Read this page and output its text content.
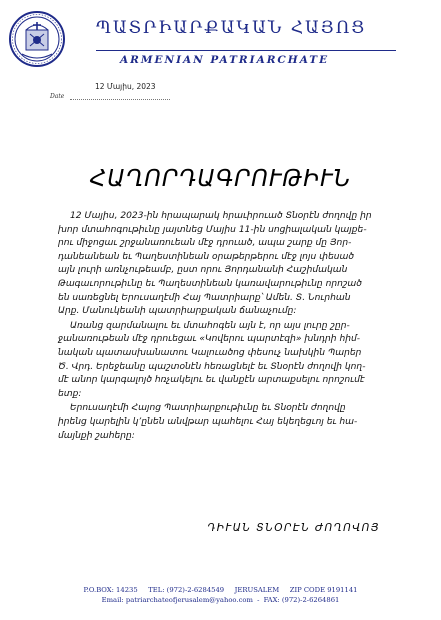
ՊԱՏՐԻԱՐՔԱԿԱՆ ՀԱՅՈՑ
ARMENIAN PATRIARCHATE
12 Մայիս, 2023
Date
ՀԱՂՈՐԴԱԳՐՈՒԹԻՒՆ

12 Մայիս, 2023-ին հրապարակ հրաւիրուած Տնօրէն ժողովը իր
խոր մտահոգութիւնը յայտնեց Մայիս 11-ին սոցիալական կայքե-
րու միջոցաւ շրջանառուեան մէջ դրուած, ապա շարք մը Յոր-
դանեանեան եւ Պաղեստինեան օրաթերթերու մէջ լոյս փեսած
այն լուրի առնչութեամբ, ըստ որու Յորդանանի Հաշիմական
Թագաւորութիւնը եւ Պաղեստինեան կառավարութիւնը որոշած
են սառեցնել Երուսաղէմի Հայ Պատրիարք՝ Ամեն. Տ. Նուրհան
Արք. Մանուկեանի պատրիարքական ճանաչումը:

Առանց զարմանալու եւ մտահոգեն այն է, որ այս լուրը շըր-
ջանառութեան մէջ դրուեցաւ «Կովերու պարտէզի» խնդրի հիմ-
նական պատասխանատու Կալուածոց փեսուչ նախկին Պարեր
Ծ. Վրդ. Երեջեանը պաշտօնէն հեռացնելէ եւ Տնօրէն ժողովի կող-
մէ անոր կարգալոյծ հռչակելու եւ վանքէն արտաքսելու որոշումէ
ետք:

Երուսաղէմի Հայոց Պատրիարքութիւնը եւ Տնօրէն ժողովը
իրենց կարելին կ՚ընեն անվթար պահելու Հայ եկեղեցւոյ եւ հա-
մայնքի շահերը:

ԴԻՒԱՆ ՏՆՕՐԷՆ ԺՈՂՈՎՈՅ
P.O.BOX: 14235 TEL: (972)-2-6284549 JERUSALEM ZIP CODE 9191141
Email: patriarchateofjerusalem@yahoo.com - FAX: (972)-2-6264861
